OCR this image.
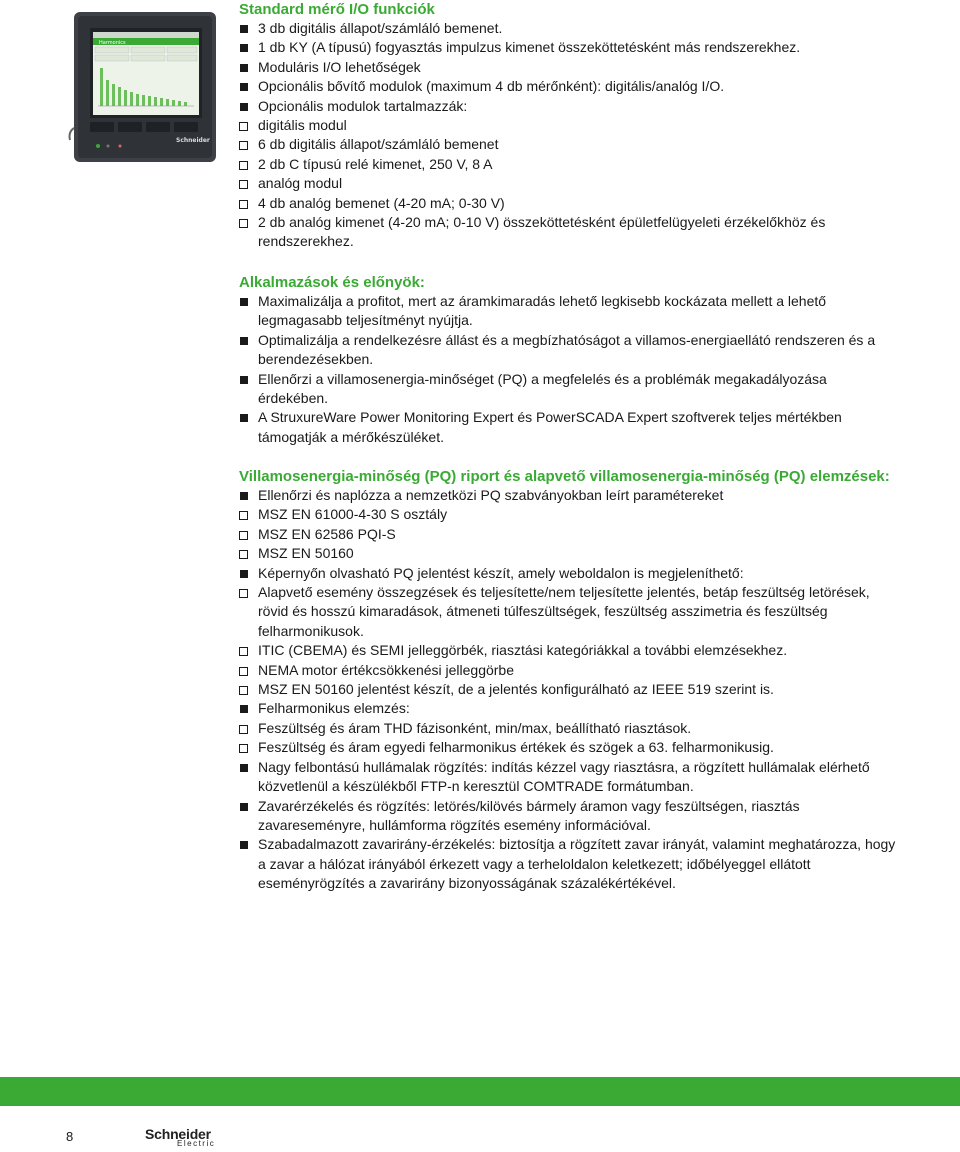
Harmonics
Schneider
Standard mérő I/O funkciók
3 db digitális állapot/számláló bemenet.
1 db KY (A típusú) fogyasztás impulzus kimenet összeköttetésként más rendszerekhez.
Moduláris I/O lehetőségek
Opcionális bővítő modulok (maximum 4 db mérőnként): digitális/analóg I/O.
Opcionális modulok tartalmazzák:
digitális modul
6 db digitális állapot/számláló bemenet
2 db C típusú relé kimenet, 250 V, 8 A
analóg modul
4 db analóg bemenet (4-20 mA; 0-30 V)
2 db analóg kimenet (4-20 mA; 0-10 V) összeköttetésként épületfelügyeleti érzékelőkhöz és rendszerekhez.
Alkalmazások és előnyök:
Maximalizálja a profitot, mert az áramkimaradás lehető legkisebb kockázata mellett a lehető legmagasabb teljesítményt nyújtja.
Optimalizálja a rendelkezésre állást és a megbízhatóságot a villamos-energiaellátó rendszeren és a berendezésekben.
Ellenőrzi a villamosenergia-minőséget (PQ) a megfelelés és a problémák megakadályozása érdekében.
A StruxureWare Power Monitoring Expert és PowerSCADA Expert szoftverek teljes mértékben támogatják a mérőkészüléket.
Villamosenergia-minőség (PQ) riport és alapvető villamosenergia-minőség (PQ) elemzések:
Ellenőrzi és naplózza a nemzetközi PQ szabványokban leírt paramétereket
MSZ EN 61000-4-30 S osztály
MSZ EN 62586 PQI-S
MSZ EN 50160
Képernyőn olvasható PQ jelentést készít, amely weboldalon is megjeleníthető:
Alapvető esemény összegzések és teljesítette/nem teljesítette jelentés, betáp feszültség letörések, rövid és hosszú kimaradások, átmeneti túlfeszültségek, feszültség asszimetria és feszültség felharmonikusok.
ITIC (CBEMA) és SEMI jelleggörbék, riasztási kategóriákkal a további elemzésekhez.
NEMA motor értékcsökkenési jelleggörbe
MSZ EN 50160 jelentést készít, de a jelentés konfigurálható az IEEE 519 szerint is.
Felharmonikus elemzés:
Feszültség és áram THD fázisonként, min/max, beállítható riasztások.
Feszültség és áram egyedi felharmonikus értékek és szögek a 63. felharmonikusig.
Nagy felbontású hullámalak rögzítés: indítás kézzel vagy riasztásra, a rögzített hullámalak elérhető közvetlenül a készülékből FTP-n keresztül COMTRADE formátumban.
Zavarérzékelés és rögzítés: letörés/kilövés bármely áramon vagy feszültségen, riasztás zavareseményre, hullámforma rögzítés esemény információval.
Szabadalmazott zavarirány-érzékelés: biztosítja a rögzített zavar irányát, valamint meghatározza, hogy a zavar a hálózat irányából érkezett vagy a terheloldalon keletkezett; időbélyeggel ellátott eseményrögzítés a zavarirány bizonyosságának százalékértékével.
8	Schneider
Electric
